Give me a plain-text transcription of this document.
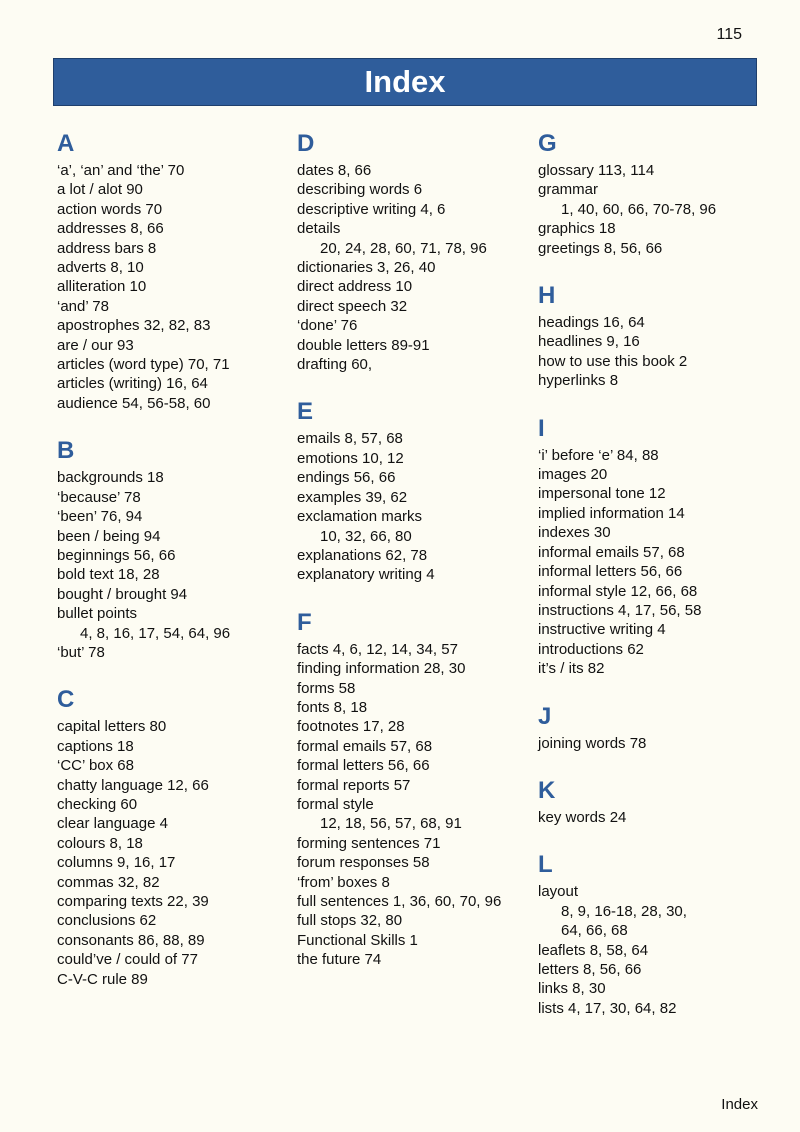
115
Index
A
‘a’, ‘an’ and ‘the’ 70
a lot / alot 90
action words 70
addresses 8, 66
address bars 8
adverts 8, 10
alliteration 10
‘and’ 78
apostrophes 32, 82, 83
are / our 93
articles (word type) 70, 71
articles (writing) 16, 64
audience 54, 56-58, 60
B
backgrounds 18
‘because’ 78
‘been’ 76, 94
been / being 94
beginnings 56, 66
bold text 18, 28
bought / brought 94
bullet points
4, 8, 16, 17, 54, 64, 96
‘but’ 78
C
capital letters 80
captions 18
‘CC’ box 68
chatty language 12, 66
checking 60
clear language 4
colours 8, 18
columns 9, 16, 17
commas 32, 82
comparing texts 22, 39
conclusions 62
consonants 86, 88, 89
could’ve / could of 77
C-V-C rule 89
D
dates 8, 66
describing words 6
descriptive writing 4, 6
details
20, 24, 28, 60, 71, 78, 96
dictionaries 3, 26, 40
direct address 10
direct speech 32
‘done’ 76
double letters 89-91
drafting 60,
E
emails 8, 57, 68
emotions 10, 12
endings 56, 66
examples 39, 62
exclamation marks
10, 32, 66, 80
explanations 62, 78
explanatory writing 4
F
facts 4, 6, 12, 14, 34, 57
finding information 28, 30
forms 58
fonts 8, 18
footnotes 17, 28
formal emails 57, 68
formal letters 56, 66
formal reports 57
formal style
12, 18, 56, 57, 68, 91
forming sentences 71
forum responses 58
‘from’ boxes 8
full sentences 1, 36, 60, 70, 96
full stops 32, 80
Functional Skills 1
the future 74
G
glossary 113, 114
grammar
1, 40, 60, 66, 70-78, 96
graphics 18
greetings 8, 56, 66
H
headings 16, 64
headlines 9, 16
how to use this book 2
hyperlinks 8
I
‘i’ before ‘e’ 84, 88
images 20
impersonal tone 12
implied information 14
indexes 30
informal emails 57, 68
informal letters 56, 66
informal style 12, 66, 68
instructions 4, 17, 56, 58
instructive writing 4
introductions 62
it’s / its 82
J
joining words 78
K
key words 24
L
layout
8, 9, 16-18, 28, 30,
64, 66, 68
leaflets 8, 58, 64
letters 8, 56, 66
links 8, 30
lists 4, 17, 30, 64, 82
Index
